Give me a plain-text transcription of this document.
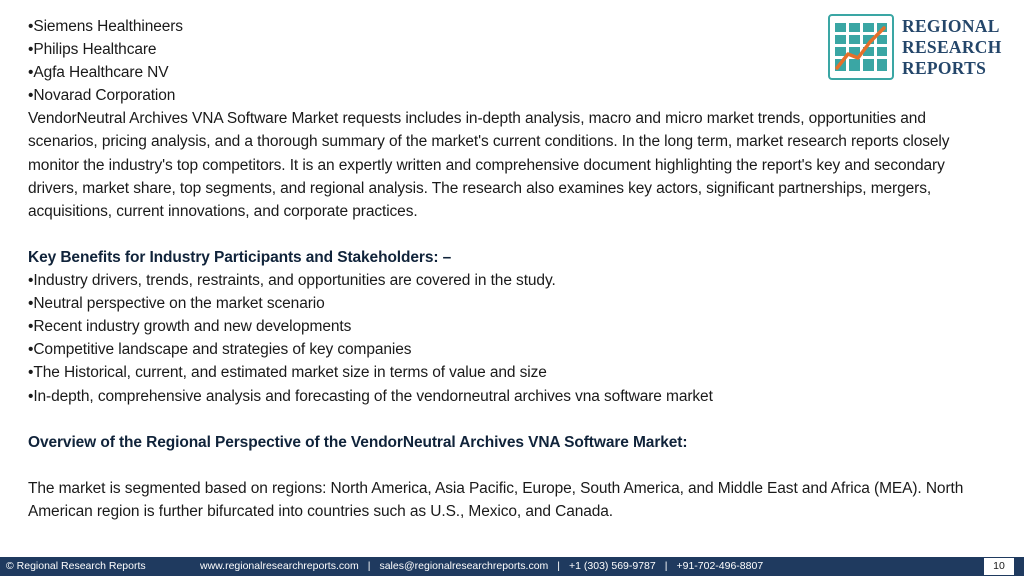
REGIONAL
RESEARCH
REPORTS
• Siemens Healthineers
• Philips Healthcare
• Agfa Healthcare NV
• Novarad Corporation
VendorNeutral Archives VNA Software Market requests includes in-depth analysis, macro and micro market trends, opportunities and scenarios, pricing analysis, and a thorough summary of the market's current conditions. In the long term, market research reports closely monitor the industry's top competitors. It is an expertly written and comprehensive document highlighting the report's key and secondary drivers, market share, top segments, and regional analysis. The research also examines key actors, significant partnerships, mergers, acquisitions, current innovations, and corporate practices.
Key Benefits for Industry Participants and Stakeholders: –
• Industry drivers, trends, restraints, and opportunities are covered in the study.
• Neutral perspective on the market scenario
• Recent industry growth and new developments
• Competitive landscape and strategies of key companies
• The Historical, current, and estimated market size in terms of value and size
• In-depth, comprehensive analysis and forecasting of the vendorneutral archives vna software market
Overview of the Regional Perspective of the VendorNeutral Archives VNA Software Market:
The market is segmented based on regions: North America, Asia Pacific, Europe, South America, and Middle East and Africa (MEA). North American region is further bifurcated into countries such as U.S., Mexico, and Canada.
© Regional Research Reports	www.regionalresearchreports.com | sales@regionalresearchreports.com | +1 (303) 569-9787 | +91-702-496-8807	10
